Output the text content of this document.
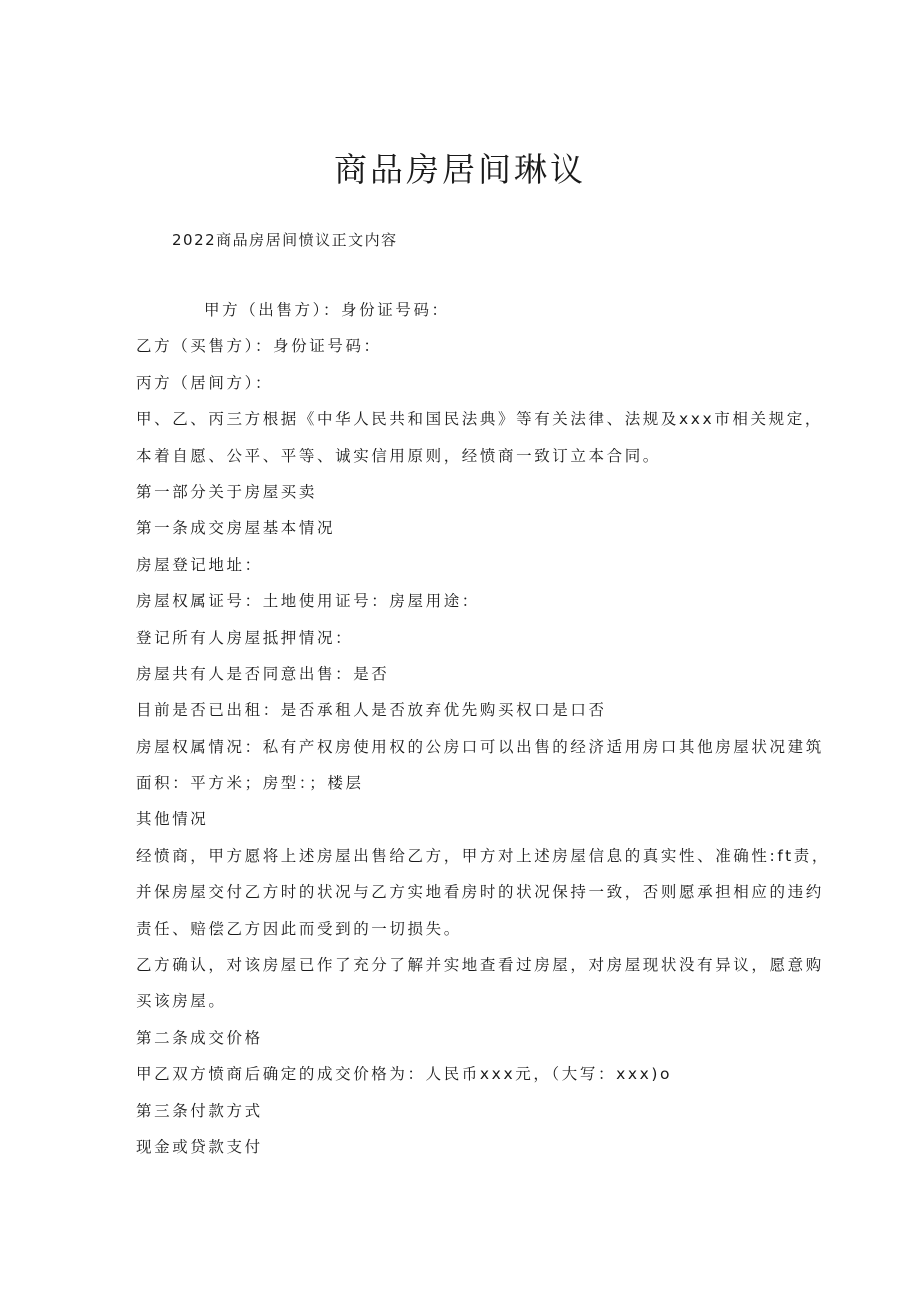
商品房居间琳议

2022商品房居间愤议正文内容

甲方（出售方）：身份证号码：

乙方（买售方）：身份证号码：

丙方（居间方）：

甲、乙、丙三方根据《中华人民共和国民法典》等有关法律、法规及xxx市相关规定，

本着自愿、公平、平等、诚实信用原则，经愤商一致订立本合同。

第一部分关于房屋买卖

第一条成交房屋基本情况

房屋登记地址：

房屋权属证号：土地使用证号：房屋用途：

登记所有人房屋抵押情况：

房屋共有人是否同意出售：是否

目前是否已出租：是否承租人是否放弃优先购买权口是口否

房屋权属情况：私有产权房使用权的公房口可以出售的经济适用房口其他房屋状况建筑

面积：平方米；房型：；楼层

其他情况

经愤商，甲方愿将上述房屋出售给乙方，甲方对上述房屋信息的真实性、准确性:ft责，

并保房屋交付乙方时的状况与乙方实地看房时的状况保持一致，否则愿承担相应的违约

责任、赔偿乙方因此而受到的一切损失。

乙方确认，对该房屋已作了充分了解并实地查看过房屋，对房屋现状没有异议，愿意购

买该房屋。

第二条成交价格

甲乙双方愤商后确定的成交价格为：人民币xxx元，（大写：xxx)o

第三条付款方式

现金或贷款支付
